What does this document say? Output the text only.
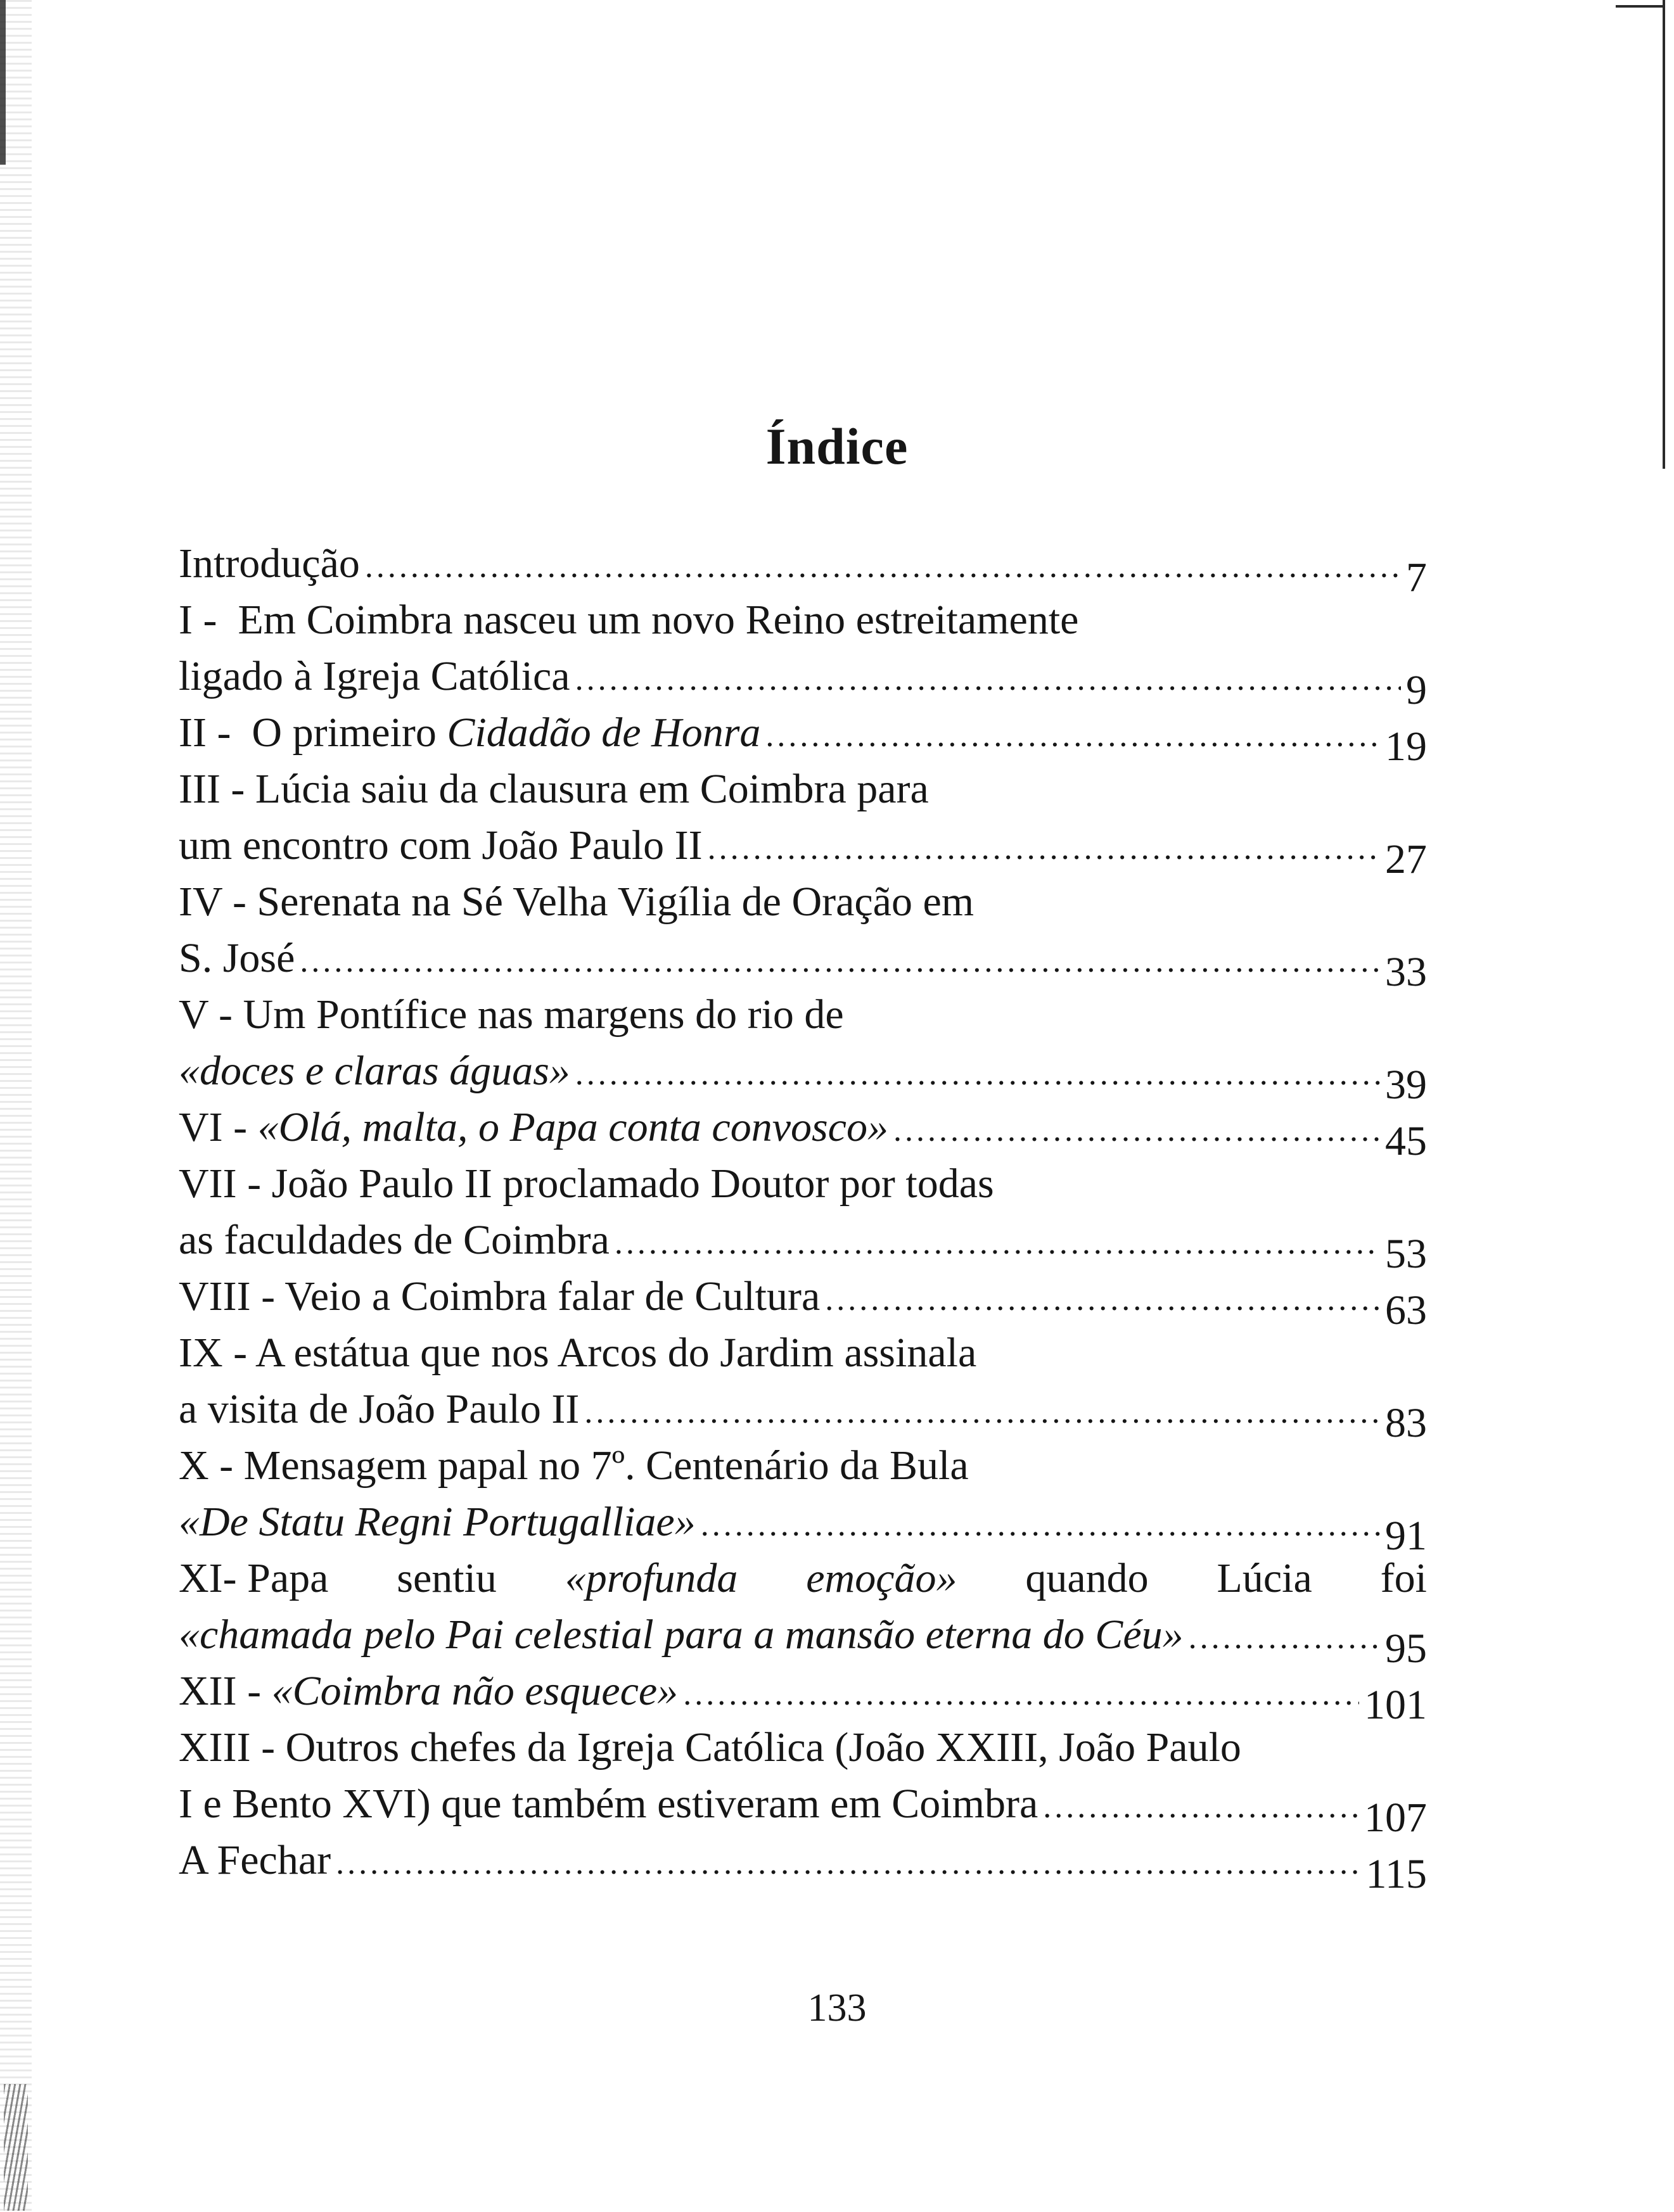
Índice
Introdução .....	7
I -  Em Coimbra nasceu um novo Reino estreitamente
ligado à Igreja Católica .....	9
II -  O primeiro Cidadão de Honra .....	19
III - Lúcia saiu da clausura em Coimbra para
um encontro com João Paulo II .....	27
IV - Serenata na Sé Velha Vigília de Oração em
S. José .....	33
V - Um Pontífice nas margens do rio de
«doces e claras águas» .....	39
VI - «Olá, malta, o Papa conta convosco» .....	45
VII - João Paulo II proclamado Doutor por todas
as faculdades de Coimbra .....	53
VIII - Veio a Coimbra falar de Cultura .....	63
IX - A estátua que nos Arcos do Jardim assinala
a visita de João Paulo II .....	83
X - Mensagem papal no 7º. Centenário da Bula
«De Statu Regni Portugalliae» .....	91
XI- Papa sentiu «profunda emoção» quando Lúcia foi
«chamada pelo Pai celestial para a mansão eterna do Céu» .....	95
XII - «Coimbra não esquece» .....	101
XIII - Outros chefes da Igreja Católica (João XXIII, João Paulo
I e Bento XVI) que também estiveram em Coimbra .....	107
A Fechar .....	115
133
